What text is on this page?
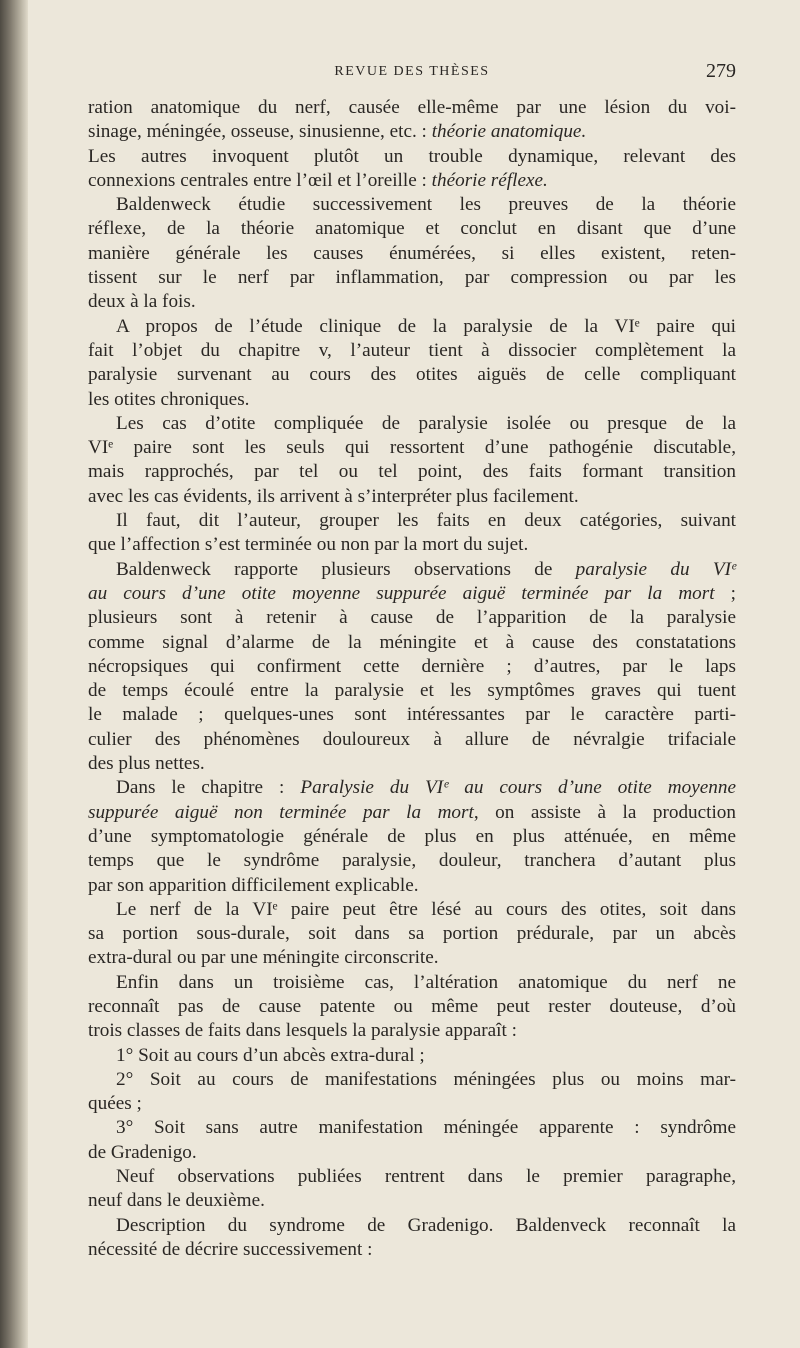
REVUE DES THÈSES	279
ration anatomique du nerf, causée elle-même par une lésion du voi-
sinage, méningée, osseuse, sinusienne, etc. : théorie anatomique.
Les autres invoquent plutôt un trouble dynamique, relevant des
connexions centrales entre l’œil et l’oreille : théorie réflexe.
Baldenweck étudie successivement les preuves de la théorie
réflexe, de la théorie anatomique et conclut en disant que d’une
manière générale les causes énumérées, si elles existent, reten-
tissent sur le nerf par inflammation, par compression ou par les
deux à la fois.
A propos de l’étude clinique de la paralysie de la VIᵉ paire qui
fait l’objet du chapitre v, l’auteur tient à dissocier complètement la
paralysie survenant au cours des otites aiguës de celle compliquant
les otites chroniques.
Les cas d’otite compliquée de paralysie isolée ou presque de la
VIᵉ paire sont les seuls qui ressortent d’une pathogénie discutable,
mais rapprochés, par tel ou tel point, des faits formant transition
avec les cas évidents, ils arrivent à s’interpréter plus facilement.
Il faut, dit l’auteur, grouper les faits en deux catégories, suivant
que l’affection s’est terminée ou non par la mort du sujet.
Baldenweck rapporte plusieurs observations de paralysie du VIᵉ
au cours d’une otite moyenne suppurée aiguë terminée par la mort ;
plusieurs sont à retenir à cause de l’apparition de la paralysie
comme signal d’alarme de la méningite et à cause des constatations
nécropsiques qui confirment cette dernière ; d’autres, par le laps
de temps écoulé entre la paralysie et les symptômes graves qui tuent
le malade ; quelques-unes sont intéressantes par le caractère parti-
culier des phénomènes douloureux à allure de névralgie trifaciale
des plus nettes.
Dans le chapitre : Paralysie du VIᵉ au cours d’une otite moyenne
suppurée aiguë non terminée par la mort, on assiste à la production
d’une symptomatologie générale de plus en plus atténuée, en même
temps que le syndrôme paralysie, douleur, tranchera d’autant plus
par son apparition difficilement explicable.
Le nerf de la VIᵉ paire peut être lésé au cours des otites, soit dans
sa portion sous-durale, soit dans sa portion prédurale, par un abcès
extra-dural ou par une méningite circonscrite.
Enfin dans un troisième cas, l’altération anatomique du nerf ne
reconnaît pas de cause patente ou même peut rester douteuse, d’où
trois classes de faits dans lesquels la paralysie apparaît :
1° Soit au cours d’un abcès extra-dural ;
2° Soit au cours de manifestations méningées plus ou moins mar-
quées ;
3° Soit sans autre manifestation méningée apparente : syndrôme
de Gradenigo.
Neuf observations publiées rentrent dans le premier paragraphe,
neuf dans le deuxième.
Description du syndrome de Gradenigo. Baldenveck reconnaît la
nécessité de décrire successivement :
